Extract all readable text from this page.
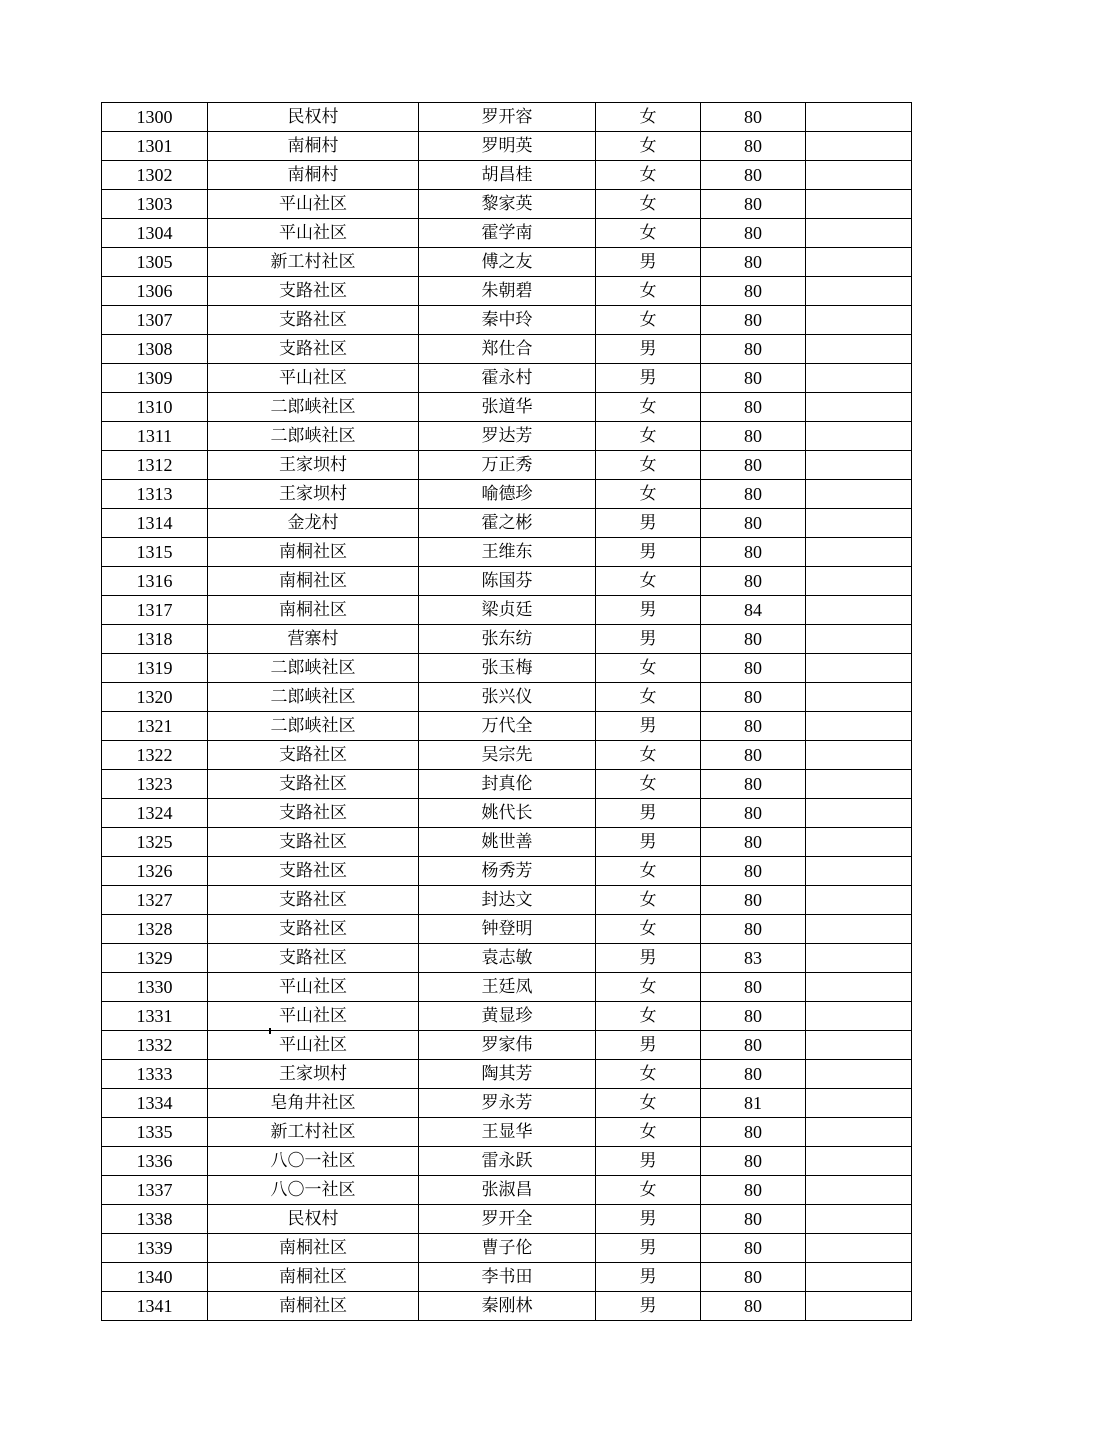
1300	民权村	罗开容	女	80	
1301	南桐村	罗明英	女	80	
1302	南桐村	胡昌桂	女	80	
1303	平山社区	黎家英	女	80	
1304	平山社区	霍学南	女	80	
1305	新工村社区	傅之友	男	80	
1306	支路社区	朱朝碧	女	80	
1307	支路社区	秦中玲	女	80	
1308	支路社区	郑仕合	男	80	
1309	平山社区	霍永村	男	80	
1310	二郎峡社区	张道华	女	80	
1311	二郎峡社区	罗达芳	女	80	
1312	王家坝村	万正秀	女	80	
1313	王家坝村	喻德珍	女	80	
1314	金龙村	霍之彬	男	80	
1315	南桐社区	王维东	男	80	
1316	南桐社区	陈国芬	女	80	
1317	南桐社区	梁贞廷	男	84	
1318	营寨村	张东纺	男	80	
1319	二郎峡社区	张玉梅	女	80	
1320	二郎峡社区	张兴仪	女	80	
1321	二郎峡社区	万代全	男	80	
1322	支路社区	吴宗先	女	80	
1323	支路社区	封真伦	女	80	
1324	支路社区	姚代长	男	80	
1325	支路社区	姚世善	男	80	
1326	支路社区	杨秀芳	女	80	
1327	支路社区	封达文	女	80	
1328	支路社区	钟登明	女	80	
1329	支路社区	袁志敏	男	83	
1330	平山社区	王廷凤	女	80	
1331	平山社区	黄显珍	女	80	
1332	平山社区	罗家伟	男	80	
1333	王家坝村	陶其芳	女	80	
1334	皂角井社区	罗永芳	女	81	
1335	新工村社区	王显华	女	80	
1336	八〇一社区	雷永跃	男	80	
1337	八〇一社区	张淑昌	女	80	
1338	民权村	罗开全	男	80	
1339	南桐社区	曹子伦	男	80	
1340	南桐社区	李书田	男	80	
1341	南桐社区	秦刚林	男	80	
